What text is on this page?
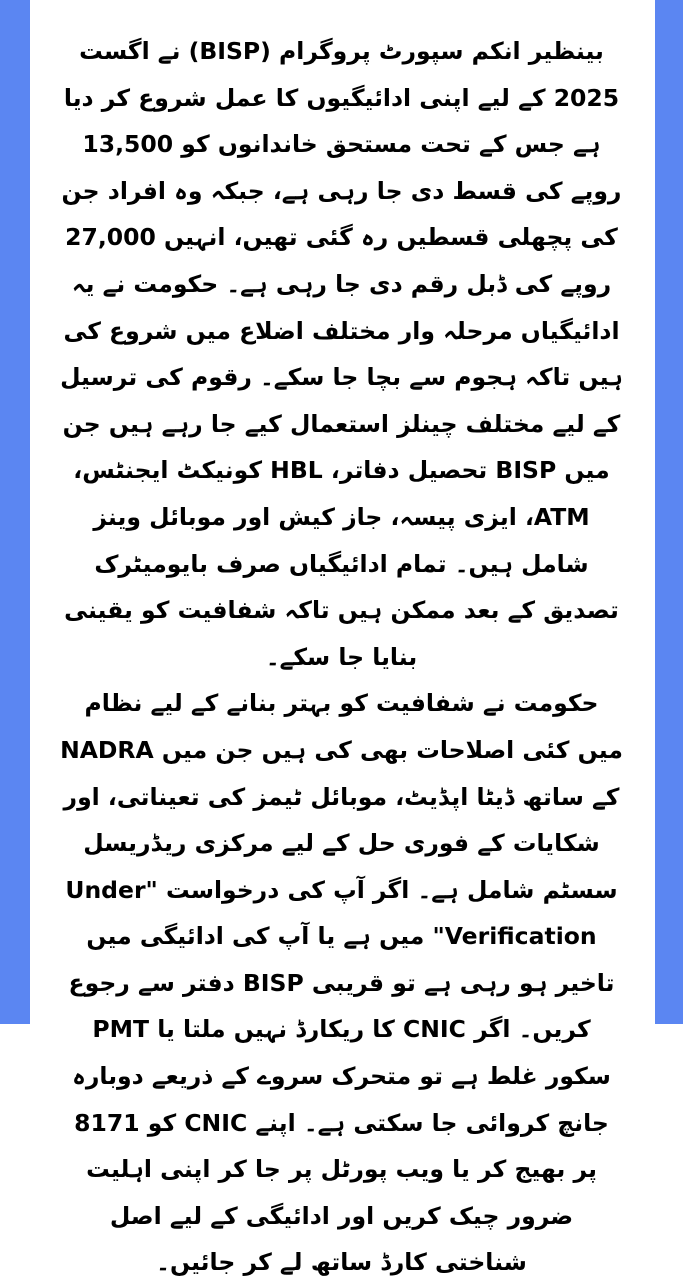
بینظیر انکم سپورٹ پروگرام (BISP) نے اگست 2025 کے لیے اپنی ادائیگیوں کا عمل شروع کر دیا ہے جس کے تحت مستحق خاندانوں کو 13,500 روپے کی قسط دی جا رہی ہے، جبکہ وہ افراد جن کی پچھلی قسطیں رہ گئی تھیں، انہیں 27,000 روپے کی ڈبل رقم دی جا رہی ہے۔ حکومت نے یہ ادائیگیاں مرحلہ وار مختلف اضلاع میں شروع کی ہیں تاکہ ہجوم سے بچا جا سکے۔ رقوم کی ترسیل کے لیے مختلف چینلز استعمال کیے جا رہے ہیں جن میں BISP تحصیل دفاتر، HBL کونیکٹ ایجنٹس، ATM، ایزی پیسہ، جاز کیش اور موبائل وینز شامل ہیں۔ تمام ادائیگیاں صرف بایومیٹرک تصدیق کے بعد ممکن ہیں تاکہ شفافیت کو یقینی بنایا جا سکے۔

حکومت نے شفافیت کو بہتر بنانے کے لیے نظام میں کئی اصلاحات بھی کی ہیں جن میں NADRA کے ساتھ ڈیٹا اپڈیٹ، موبائل ٹیمز کی تعیناتی، اور شکایات کے فوری حل کے لیے مرکزی ریڈریسل سسٹم شامل ہے۔ اگر آپ کی درخواست "Under Verification" میں ہے یا آپ کی ادائیگی میں تاخیر ہو رہی ہے تو قریبی BISP دفتر سے رجوع کریں۔ اگر CNIC کا ریکارڈ نہیں ملتا یا PMT سکور غلط ہے تو متحرک سروے کے ذریعے دوبارہ جانچ کروائی جا سکتی ہے۔ اپنے CNIC کو 8171 پر بھیج کر یا ویب پورٹل پر جا کر اپنی اہلیت ضرور چیک کریں اور ادائیگی کے لیے اصل شناختی کارڈ ساتھ لے کر جائیں۔
